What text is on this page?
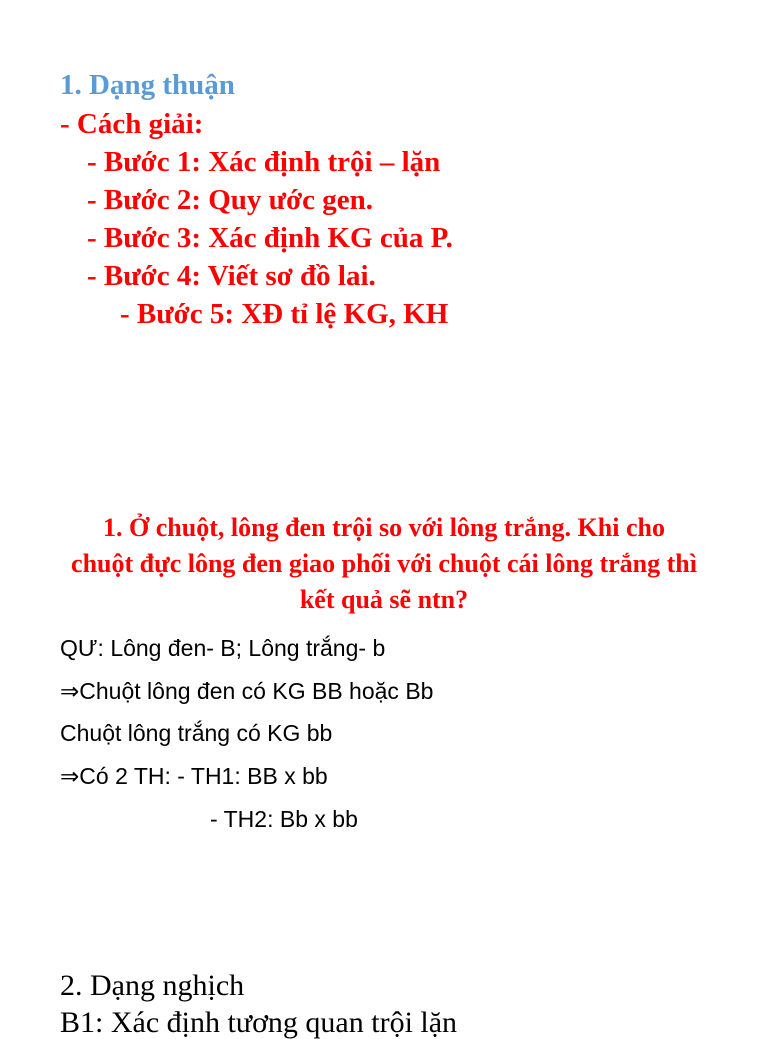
1. Dạng thuận
- Cách giải:
- Bước 1: Xác định trội – lặn
- Bước 2: Quy ước gen.
- Bước 3: Xác định KG của P.
- Bước 4: Viết sơ đồ lai.
- Bước 5: XĐ tỉ lệ KG, KH
1. Ở chuột, lông đen trội so với lông trắng. Khi cho
chuột đực lông đen giao phối với chuột cái lông trắng thì
kết quả sẽ ntn?
QƯ: Lông đen- B; Lông trắng- b
⇒Chuột lông đen có KG BB hoặc Bb
Chuột lông trắng có KG bb
⇒Có 2 TH: - TH1: BB x bb
- TH2: Bb x bb
2. Dạng nghịch
B1: Xác định tương quan trội lặn
